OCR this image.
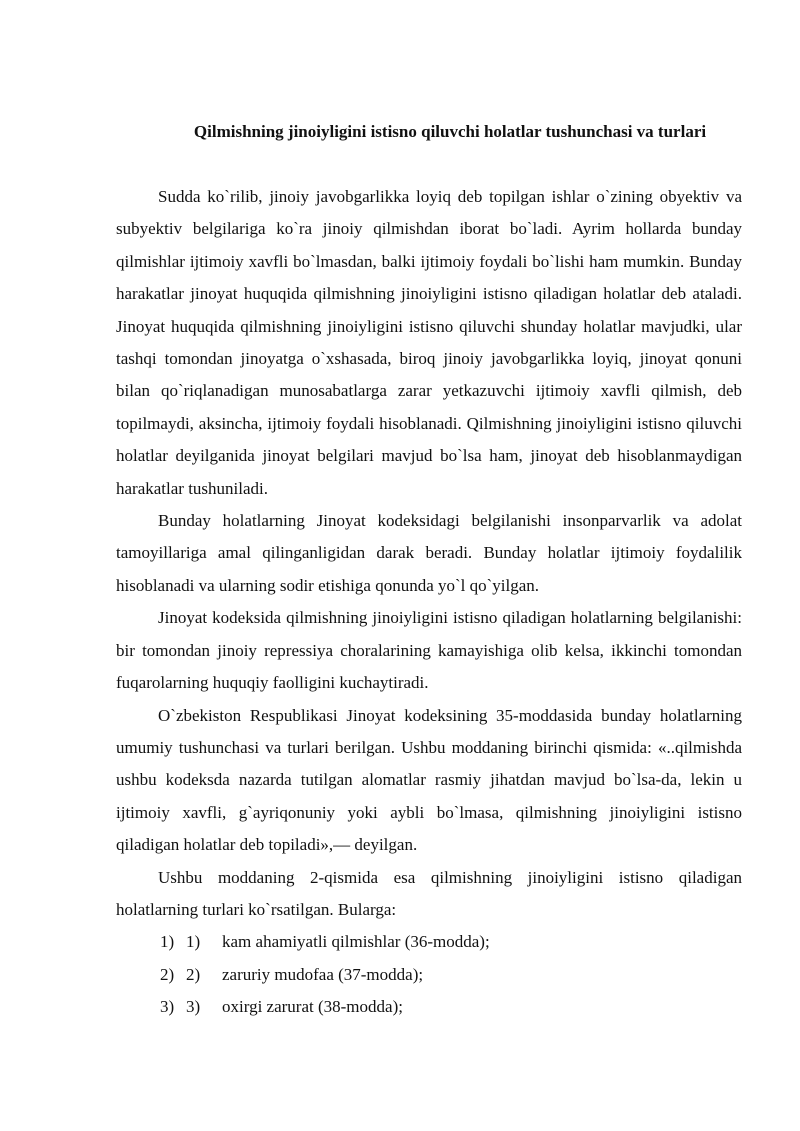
Qilmishning jinoiyligini istisno qiluvchi holatlar tushunchasi va turlari

Sudda ko`rilib, jinoiy javobgarlikka loyiq deb topilgan ishlar o`zining obyektiv va subyektiv belgilariga ko`ra jinoiy qilmishdan iborat bo`ladi. Ayrim hollarda bunday qilmishlar ijtimoiy xavfli bo`lmasdan, balki ijtimoiy foydali bo`lishi ham mumkin. Bunday harakatlar jinoyat huquqida qilmishning jinoiyligini istisno qiladigan holatlar deb ataladi. Jinoyat huquqida qilmishning jinoiyligini istisno qiluvchi shunday holatlar mavjudki, ular tashqi tomondan jinoyatga o`xshasada, biroq jinoiy javobgarlikka loyiq, jinoyat qonuni bilan qo`riqlanadigan munosabatlarga zarar yetkazuvchi ijtimoiy xavfli qilmish, deb topilmaydi, aksincha, ijtimoiy foydali hisoblanadi. Qilmishning jinoiyligini istisno qiluvchi holatlar deyilganida jinoyat belgilari mavjud bo`lsa ham, jinoyat deb hisoblanmaydigan harakatlar tushuniladi.

Bunday holatlarning Jinoyat kodeksidagi belgilanishi insonparvarlik va adolat tamoyillariga amal qilinganligidan darak beradi. Bunday holatlar ijtimoiy foydalilik hisoblanadi va ularning sodir etishiga qonunda yo`l qo`yilgan.

Jinoyat kodeksida qilmishning jinoiyligini istisno qiladigan holatlarning belgilanishi: bir tomondan jinoiy repressiya choralarining kamayishiga olib kelsa, ikkinchi tomondan fuqarolarning huquqiy faolligini kuchaytiradi.

O`zbekiston Respublikasi Jinoyat kodeksining 35-moddasida bunday holatlarning umumiy tushunchasi va turlari berilgan. Ushbu moddaning birinchi qismida: «..qilmishda ushbu kodeksda nazarda tutilgan alomatlar rasmiy jihatdan mavjud bo`lsa-da, lekin u ijtimoiy xavfli, g`ayriqonuniy yoki aybli bo`lmasa, qilmishning jinoiyligini istisno qiladigan holatlar deb topiladi»,— deyilgan.

Ushbu moddaning 2-qismida esa qilmishning jinoiyligini istisno qiladigan holatlarning turlari ko`rsatilgan. Bularga:

1) 1)	kam ahamiyatli qilmishlar (36-modda);
2) 2)	zaruriy mudofaa (37-modda);
3) 3)	oxirgi zarurat (38-modda);
